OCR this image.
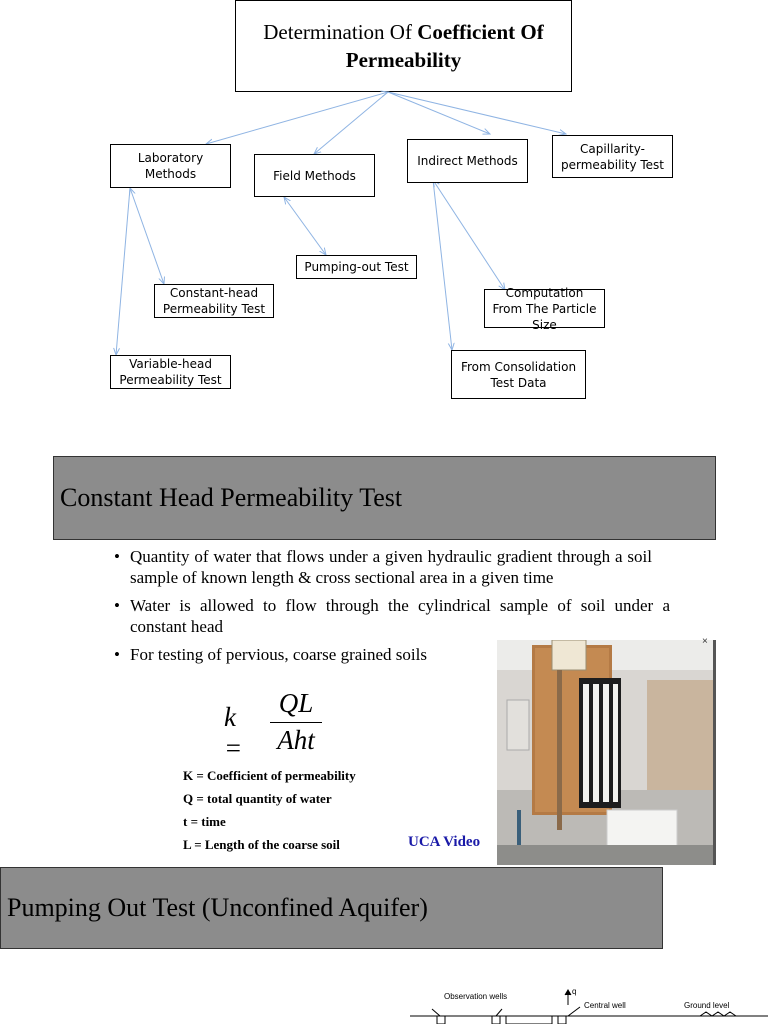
Determination Of Coefficient Of
Permeability
Laboratory Methods	Field Methods
Indirect Methods
Capillarity-permeability Test
Pumping-out Test
Constant-head Permeability Test
Variable-head Permeability Test
Computation From The Particle Size
From Consolidation Test Data
Constant Head Permeability Test
• Quantity of water that flows under a given hydraulic gradient through a soil sample of known length & cross sectional area in a given time
• Water is allowed to flow through the cylindrical sample of soil under a constant head
• For testing of pervious, coarse grained soils
k =
QL
Aht
K = Coefficient of permeability
Q = total quantity of water
t = time
L = Length of the coarse soil	UCA Video
×
Pumping Out Test (Unconfined Aquifer)
Observation wells
q
Central well	Ground level
